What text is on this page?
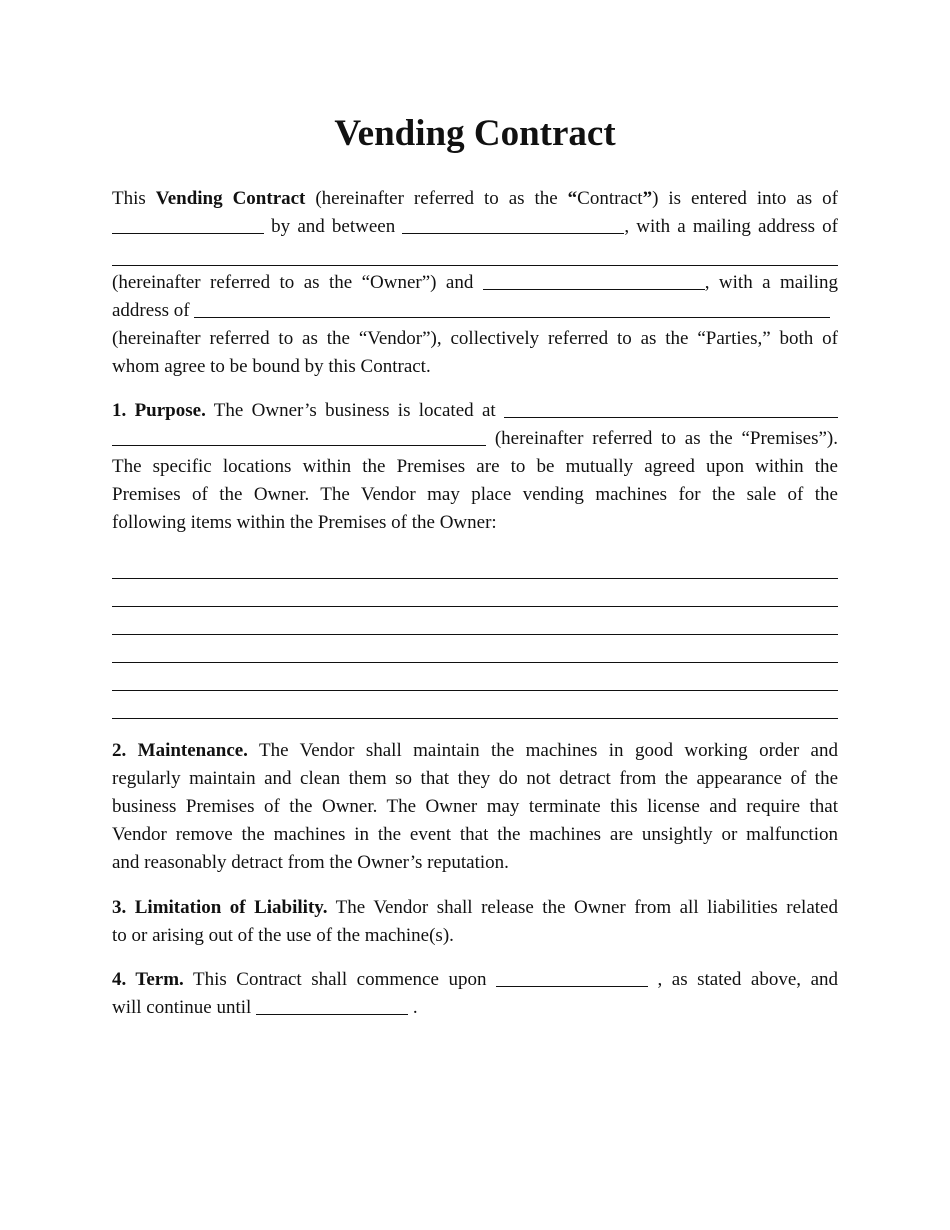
Vending Contract
This Vending Contract (hereinafter referred to as the “Contract”) is entered into as of
by and between	, with a mailing address of
(hereinafter referred to as the “Owner”) and	, with a mailing
address of
(hereinafter referred to as the “Vendor”), collectively referred to as the “Parties,” both of
whom agree to be bound by this Contract.
1. Purpose. The Owner’s business is located at
(hereinafter referred to as the “Premises”).
The specific locations within the Premises are to be mutually agreed upon within the
Premises of the Owner. The Vendor may place vending machines for the sale of the
following items within the Premises of the Owner:
2. Maintenance. The Vendor shall maintain the machines in good working order and
regularly maintain and clean them so that they do not detract from the appearance of the
business Premises of the Owner. The Owner may terminate this license and require that
Vendor remove the machines in the event that the machines are unsightly or malfunction
and reasonably detract from the Owner’s reputation.
3. Limitation of Liability. The Vendor shall release the Owner from all liabilities related
to or arising out of the use of the machine(s).
4. Term. This Contract shall commence upon	, as stated above, and
will continue until	.
